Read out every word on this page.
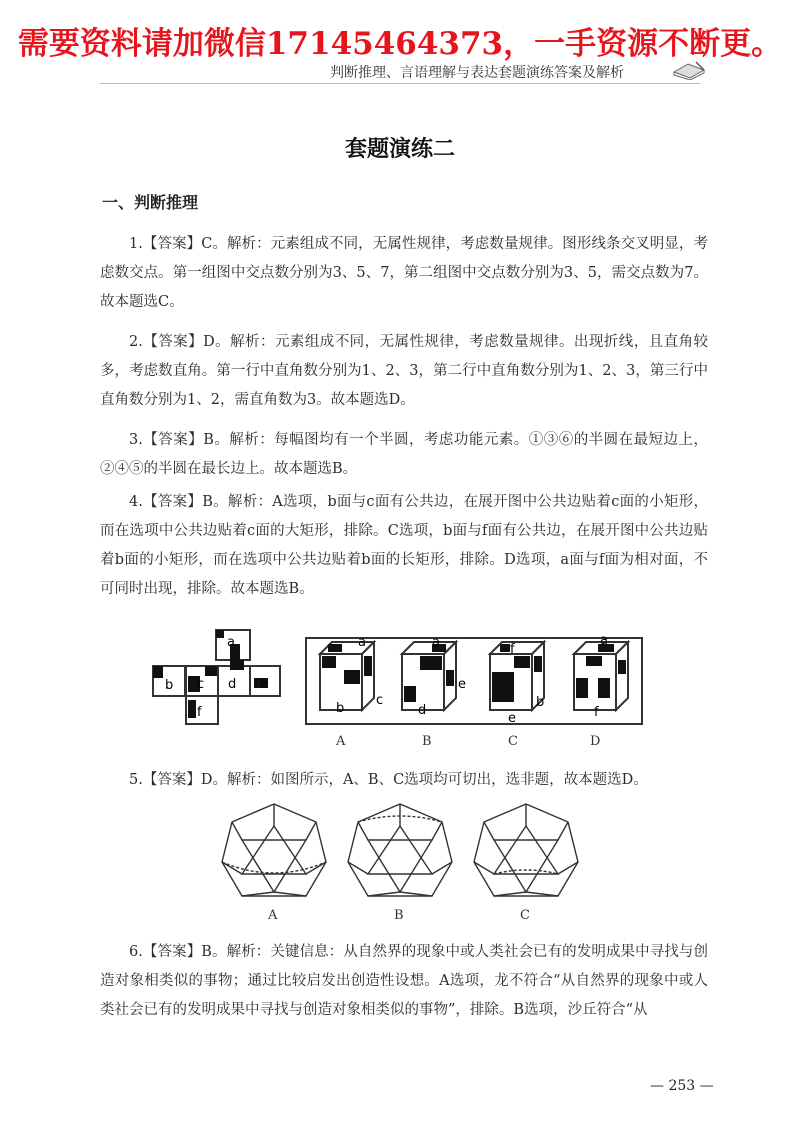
需要资料请加微信17145464373，一手资源不断更。
判断推理、言语理解与表达套题演练答案及解析
套题演练二
一、判断推理
1.【答案】C。解析：元素组成不同，无属性规律，考虑数量规律。图形线条交叉明显，考虑数交点。第一组图中交点数分别为3、5、7，第二组图中交点数分别为3、5，需交点数为7。故本题选C。
2.【答案】D。解析：元素组成不同，无属性规律，考虑数量规律。出现折线，且直角较多，考虑数直角。第一行中直角数分别为1、2、3，第二行中直角数分别为1、2、3，第三行中直角数分别为1、2，需直角数为3。故本题选D。
3.【答案】B。解析：每幅图均有一个半圆，考虑功能元素。①③⑥的半圆在最短边上，②④⑤的半圆在最长边上。故本题选B。
4.【答案】B。解析：A选项，b面与c面有公共边，在展开图中公共边贴着c面的小矩形，而在选项中公共边贴着c面的大矩形，排除。C选项，b面与f面有公共边，在展开图中公共边贴着b面的小矩形，而在选项中公共边贴着b面的长矩形，排除。D选项，a面与f面为相对面，不可同时出现，排除。故本题选B。
a
b c d e
f
a
b
c
a
d
e
f
b
e
a
f
A	B	C	D
5.【答案】D。解析：如图所示，A、B、C选项均可切出，选非题，故本题选D。
A	B	C
6.【答案】B。解析：关键信息：从自然界的现象中或人类社会已有的发明成果中寻找与创造对象相类似的事物；通过比较启发出创造性设想。A选项，龙不符合“从自然界的现象中或人类社会已有的发明成果中寻找与创造对象相类似的事物”，排除。B选项，沙丘符合“从
— 253 —
